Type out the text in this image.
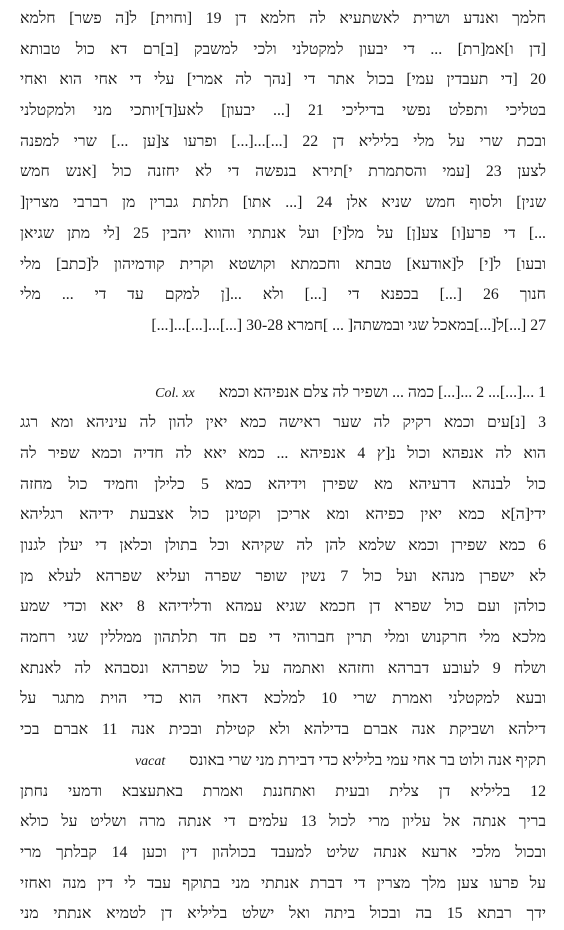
חלמך ואנדע ושרית לאשתעיא לה חלמא דן 19 [וחוית] ל[ה פשר] חלמא
[דן ו]אמ[רת] ... די יבעון למקטלני ולכי למשבק [ב]רם דא כול טבותא
20 [די תעבדין עמי] בכול אתר די [נהך לה אמרי] עלי די אחי הוא ואחי
בטליכי ותפלט נפשי בדיליכי 21 [... יבעון] לאע[ד]יותכי מני ולמקטלני
ובכת שרי על מלי בליליא דן 22 [...]...[...] ופרעו צ[ען ...] שרי למפנה
לצען 23 [עמי והסתמרת י]תירא בנפשה די לא יחזנה כול [אנש חמש
שנין] ולסוף חמש שניא אלן 24 [... אתו] תלתת גברין מן רברבי מצרין[
...] די פרע[ו] צע[ן] על מל[י] ועל אנתתי והווא יהבין 25 [לי מתן שגיאן
ובעו] ל[י] ל[אודעא] טבתא וחכמתא וקושטא וקרית קודמיהון ל[כתב] מלי
חנוך 26 [...] בכפנא די [...] ולא ...[ן למקם עד די ... מלי
27 [...]ל[...]במאכל שגי ובמשתה[ ... ]חמרא 30-28 [...]...[...]...[...]
1 ...[...]... 2 ...[...] כמה ... ושפיר לה צלם אנפיהא וכמאCol. xx
3 [נ]עים וכמא רקיק לה שער ראישה כמא יאין להון לה עיניהא ומא רגג
הוא לה אנפהא וכול נ[ץ 4 אנפיהא ... כמא יאא לה חדיה וכמא שפיר לה
כול לבנהא דרעיהא מא שפירן וידיהא כמא 5 כלילן וחמיד כול מחזה
ידי[ה]א כמא יאין כפיהא ומא אריכן וקטינן כול אצבעת ידיהא רגליהא
6 כמא שפירן וכמא שלמא להן לה שקיהא וכל בתולן וכלאן די יעלן לגנון
לא ישפרן מנהא ועל כול 7 נשין שופר שפרה ועליא שפרהא לעלא מן
כולהן ועם כול שפרא דן חכמא שגיא עמהא ודלידיהא 8 יאא וכדי שמע
מלכא מלי חרקנוש ומלי תרין חברוהי די פם חד תלתהון ממללין שגי רחמה
ושלח 9 לעובע דברהא וחזהא ואתמה על כול שפרהא ונסבהא לה לאנתא
ובעא למקטלני ואמרת שרי 10 למלכא דאחי הוא כדי הוית מתגר על
דילהא ושביקת אנה אברם בדילהא ולא קטילת ובכית אנה 11 אברם בכי
תקיף אנה ולוט בר אחי עמי בליליא כדי דבירת מני שרי באונסvacat
12 בליליא דן צלית ובעית ואתחננת ואמרת באתעצבא ודמעי נחתן
בריך אנתה אל עליון מרי לכול 13 עלמים די אנתה מרה ושליט על כולא
ובכול מלכי ארעא אנתה שליט למעבד בכולהון דין וכען 14 קבלתך מרי
על פרעו צען מלך מצרין די דברת אנתתי מני בתוקף עבד לי דין מנה ואחזי
ידך רבתא 15 בה ובכול ביתה ואל ישלט בליליא דן לטמיא אנתתי מני
